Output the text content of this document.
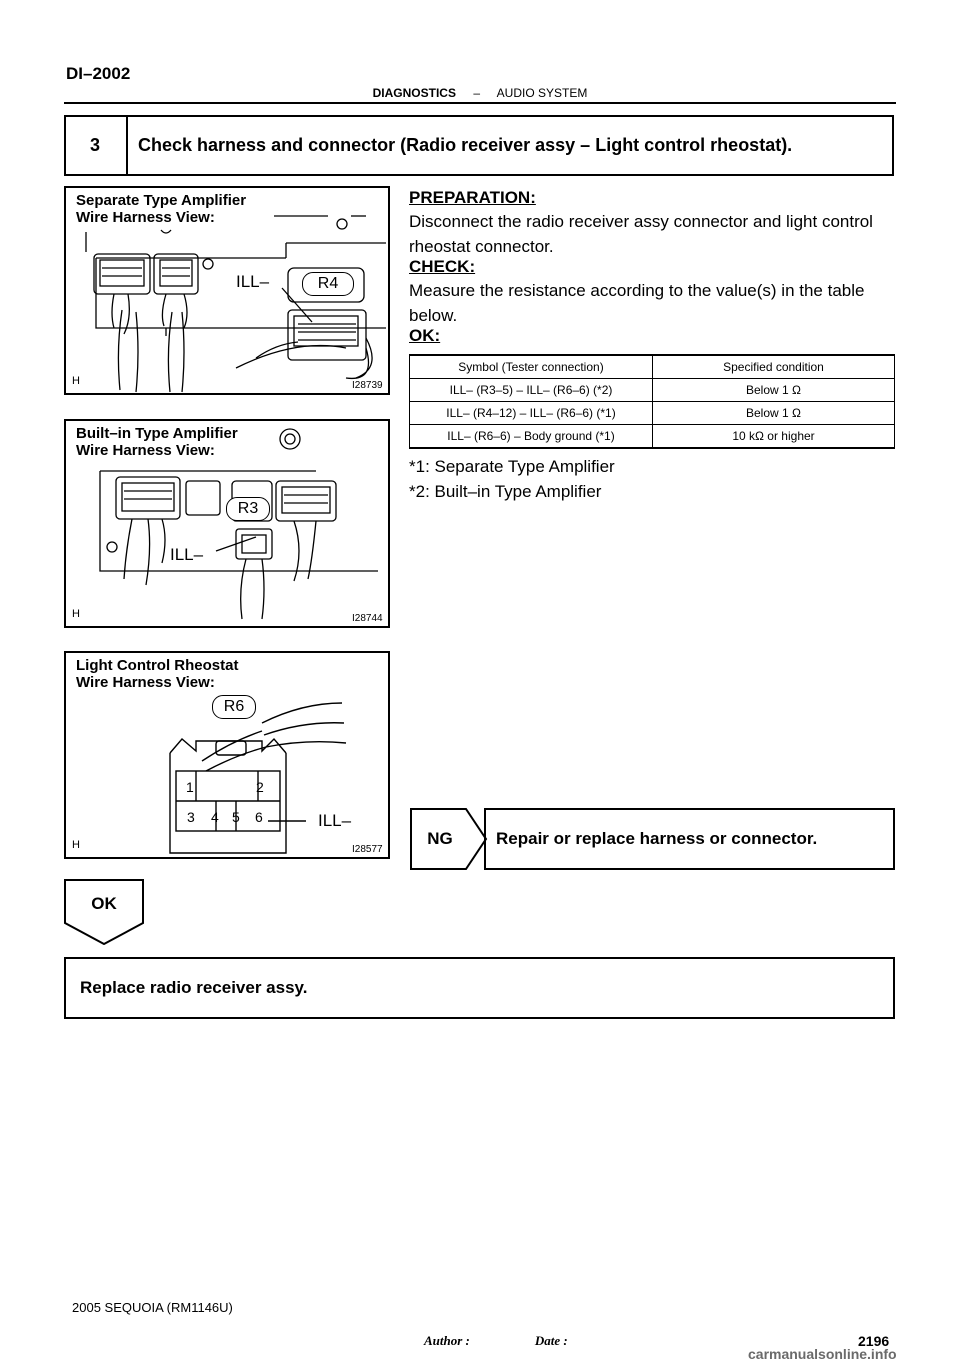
DI–2002
DIAGNOSTICS – AUDIO SYSTEM
3	Check harness and connector (Radio receiver assy – Light control rheostat).
Separate Type Amplifier
Wire Harness View:
ILL–	R4
H	I28739
Built–in Type Amplifier
Wire Harness View:
R3
ILL–
H	I28744
Light Control Rheostat
Wire Harness View:
R6
1	2
3 4 5 6	ILL–
H	I28577
PREPARATION:
Disconnect the radio receiver assy connector and light control
rheostat connector.
CHECK:
Measure the resistance according to the value(s) in the table
below.
OK:
Symbol (Tester connection)	Specified condition
ILL– (R3–5) – ILL– (R6–6) (*2)	Below 1 Ω
ILL– (R4–12) – ILL– (R6–6) (*1)	Below 1 Ω
ILL– (R6–6) – Body ground (*1)	10 kΩ or higher
*1: Separate Type Amplifier
*2: Built–in Type Amplifier
NG	Repair or replace harness or connector.
OK
Replace radio receiver assy.
2005 SEQUOIA (RM1146U)
Author :                    Date :	2196
carmanualsonline.info
